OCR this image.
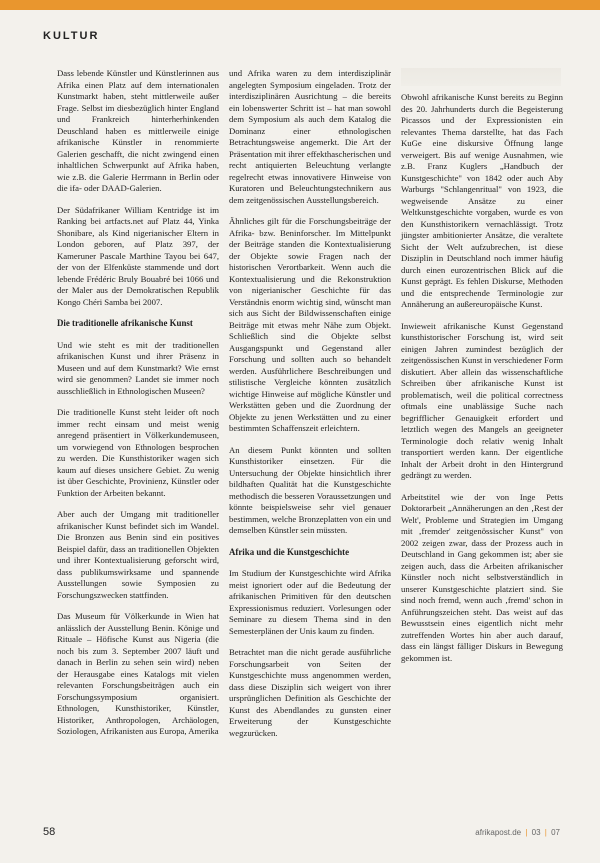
KULTUR

Dass lebende Künstler und Künstlerinnen aus Afrika einen Platz auf dem internationalen Kunstmarkt haben, steht mittlerweile außer Frage. Selbst im diesbezüglich hinter England und Frankreich hinterherhinkenden Deuschland haben es mittlerweile einige afrikanische Künstler in renommierte Galerien geschafft, die nicht zwingend einen inhaltlichen Schwerpunkt auf Afrika haben, wie z.B. die Galerie Herrmann in Berlin oder die ifa- oder DAAD-Galerien.

Der Südafrikaner William Kentridge ist im Ranking bei artfacts.net auf Platz 44, Yinka Shonibare, als Kind nigerianischer Eltern in London geboren, auf Platz 397, der Kameruner Pascale Marthine Tayou bei 647, der von der Elfenküste stammende und dort lebende Frédéric Bruly Bouabré bei 1066 und der Maler aus der Demokratischen Republik Kongo Chéri Samba bei 2007.

Die traditionelle afrikanische Kunst

Und wie steht es mit der traditionellen afrikanischen Kunst und ihrer Präsenz in Museen und auf dem Kunstmarkt? Wie ernst wird sie genommen? Landet sie immer noch ausschließlich in Ethnologischen Museen?

Die traditionelle Kunst steht leider oft noch immer recht einsam und meist wenig anregend präsentiert in Völkerkundemuseen, um vorwiegend von Ethnologen besprochen zu werden. Die Kunsthistoriker wagen sich kaum auf dieses unsichere Gebiet. Zu wenig ist über Geschichte, Provinienz, Künstler oder Funktion der Arbeiten bekannt.

Aber auch der Umgang mit traditioneller afrikanischer Kunst befindet sich im Wandel. Die Bronzen aus Benin sind ein positives Beispiel dafür, dass an traditionellen Objekten und ihrer Kontextualisierung geforscht wird, dass publikumswirksame und spannende Ausstellungen sowie Symposien zu Forschungszwecken stattfinden.

Das Museum für Völkerkunde in Wien hat anlässlich der Ausstellung Benin. Könige und Rituale – Höfische Kunst aus Nigeria (die noch bis zum 3. September 2007 läuft und danach in Berlin zu sehen sein wird) neben der Herausgabe eines Katalogs mit vielen relevanten Forschungsbeiträgen auch ein Forschungssymposium organisiert. Ethnologen, Kunsthistoriker, Künstler, Historiker, Anthropologen, Archäologen, Soziologen, Afrikanisten aus Europa, Amerika

und Afrika waren zu dem interdisziplinär angelegten Symposium eingeladen. Trotz der interdisziplinären Ausrichtung – die bereits ein lobenswerter Schritt ist – hat man sowohl dem Symposium als auch dem Katalog die Dominanz einer ethnologischen Betrachtungsweise angemerkt. Die Art der Präsentation mit ihrer effekthascherischen und recht antiquierten Beleuchtung verlangte regelrecht etwas innovativere Hinweise von Kuratoren und Beleuchtungstechnikern aus dem zeitgenössischen Ausstellungsbereich.

Ähnliches gilt für die Forschungsbeiträge der Afrika- bzw. Beninforscher. Im Mittelpunkt der Beiträge standen die Kontextualisierung der Objekte sowie Fragen nach der historischen Verortbarkeit. Wenn auch die Kontextualisierung und die Rekonstruktion von nigerianischer Geschichte für das Verständnis enorm wichtig sind, wünscht man sich aus Sicht der Bildwissenschaften einige Beiträge mit etwas mehr Nähe zum Objekt. Schließlich sind die Objekte selbst Ausgangspunkt und Gegenstand aller Forschung und sollten auch so behandelt werden. Ausführlichere Beschreibungen und stilistische Vergleiche könnten zusätzlich wichtige Hinweise auf mögliche Künstler und Werkstätten geben und die Zuordnung der Objekte zu jenen Werkstätten und zu einer bestimmten Schaffenszeit erleichtern.

An diesem Punkt könnten und sollten Kunsthistoriker einsetzen. Für die Untersuchung der Objekte hinsichtlich ihrer bildhaften Qualität hat die Kunstgeschichte methodisch die besseren Voraussetzungen und könnte beispielsweise sehr viel genauer bestimmen, welche Bronzeplatten von ein und demselben Künstler sein müssten.

Afrika und die Kunstgeschichte

Im Studium der Kunstgeschichte wird Afrika meist ignoriert oder auf die Bedeutung der afrikanischen Primitiven für den deutschen Expressionismus reduziert. Vorlesungen oder Seminare zu diesem Thema sind in den Semesterplänen der Unis kaum zu finden.

Betrachtet man die nicht gerade ausführliche Forschungsarbeit von Seiten der Kunstgeschichte muss angenommen werden, dass diese Disziplin sich weigert von ihrer ursprünglichen Definition als Geschichte der Kunst des Abendlandes zu gunsten einer Erweiterung der Kunstgeschichte wegzurücken.

Obwohl afrikanische Kunst bereits zu Beginn des 20. Jahrhunderts durch die Begeisterung Picassos und der Expressionisten ein relevantes Thema darstellte, hat das Fach KuGe eine diskursive Öffnung lange verweigert. Bis auf wenige Ausnahmen, wie z.B. Franz Kuglers „Handbuch der Kunstgeschichte" von 1842 oder auch Aby Warburgs "Schlangenritual" von 1923, die wegweisende Ansätze zu einer Weltkunstgeschichte vorgaben, wurde es von den Kunsthistorikern vernachlässigt. Trotz jüngster ambitionierter Ansätze, die veraltete Sicht der Welt aufzubrechen, ist diese Disziplin in Deutschland noch immer häufig durch einen eurozentrischen Blick auf die Kunst geprägt. Es fehlen Diskurse, Methoden und die entsprechende Terminologie zur Annäherung an außereuropäische Kunst.

Inwieweit afrikanische Kunst Gegenstand kunsthistorischer Forschung ist, wird seit einigen Jahren zumindest bezüglich der zeitgenössischen Kunst in verschiedener Form diskutiert. Aber allein das wissenschaftliche Schreiben über afrikanische Kunst ist problematisch, weil die political correctness oftmals eine unablässige Suche nach begrifflicher Genauigkeit erfordert und letztlich wegen des Mangels an geeigneter Terminologie doch relativ wenig Inhalt transportiert werden kann. Der eigentliche Inhalt der Arbeit droht in den Hintergrund gedrängt zu werden.

Arbeitstitel wie der von Inge Petts Doktorarbeit „Annäherungen an den ‚Rest der Welt', Probleme und Strategien im Umgang mit ‚fremder' zeitgenössischer Kunst" von 2002 zeigen zwar, dass der Prozess auch in Deutschland in Gang gekommen ist; aber sie zeigen auch, dass die Arbeiten afrikanischer Künstler noch nicht selbstverständlich in unserer Kunstgeschichte platziert sind. Sie sind noch fremd, wenn auch ‚fremd' schon in Anführungszeichen steht. Das weist auf das Bewusstsein eines eigentlich nicht mehr zutreffenden Wortes hin aber auch darauf, dass ein längst fälliger Diskurs in Bewegung gekommen ist.

58	afrikapost.de | 03 | 07
